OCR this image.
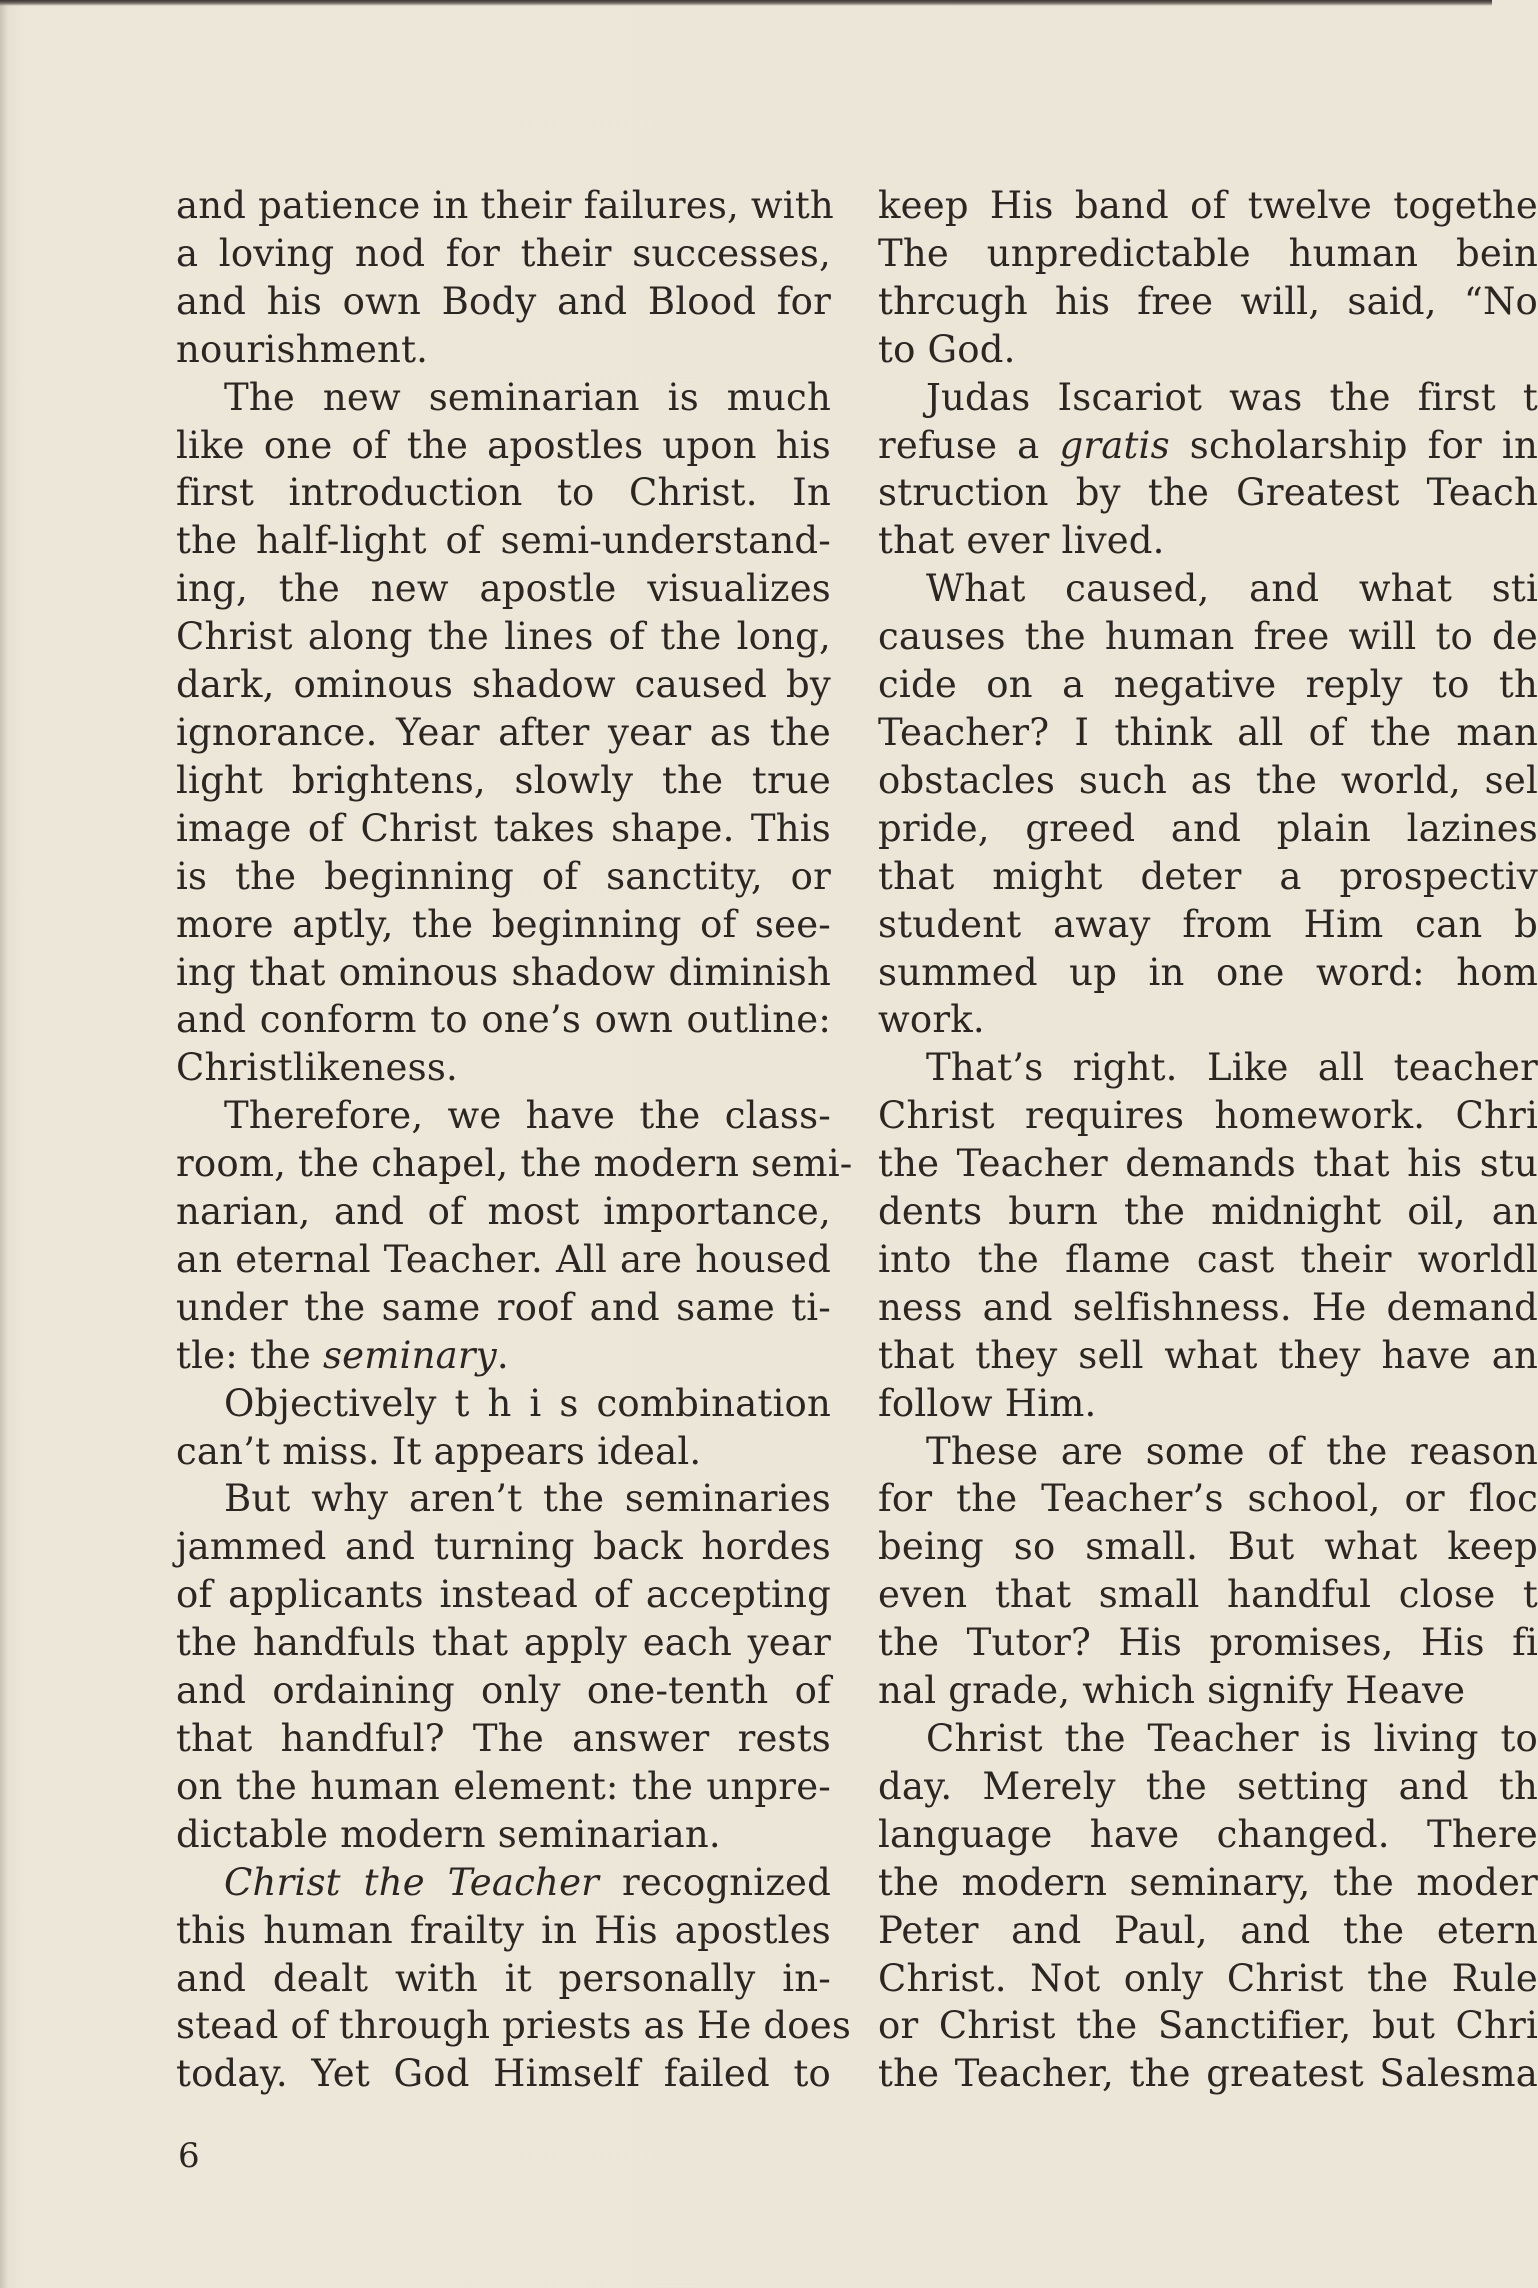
and patience in their failures, with
a loving nod for their successes,
and his own Body and Blood for
nourishment.
The new seminarian is much
like one of the apostles upon his
first introduction to Christ. In
the half-light of semi-understand-
ing, the new apostle visualizes
Christ along the lines of the long,
dark, ominous shadow caused by
ignorance. Year after year as the
light brightens, slowly the true
image of Christ takes shape. This
is the beginning of sanctity, or
more aptly, the beginning of see-
ing that ominous shadow diminish
and conform to one’s own outline:
Christlikeness.
Therefore, we have the class-
room, the chapel, the modern semi-
narian, and of most importance,
an eternal Teacher. All are housed
under the same roof and same ti-
tle: the seminary.
Objectively t h i s combination
can’t miss. It appears ideal.
But why aren’t the seminaries
jammed and turning back hordes
of applicants instead of accepting
the handfuls that apply each year
and ordaining only one-tenth of
that handful? The answer rests
on the human element: the unpre-
dictable modern seminarian.
Christ the Teacher recognized
this human frailty in His apostles
and dealt with it personally in-
stead of through priests as He does
today. Yet God Himself failed to
keep His band of twelve togethe
The unpredictable human bein
thrcugh his free will, said, “No
to God.
Judas Iscariot was the first t
refuse a gratis scholarship for in
struction by the Greatest Teach
that ever lived.
What caused, and what sti
causes the human free will to de
cide on a negative reply to th
Teacher? I think all of the man
obstacles such as the world, sel
pride, greed and plain lazines
that might deter a prospectiv
student away from Him can b
summed up in one word: hom
work.
That’s right. Like all teacher
Christ requires homework. Chri
the Teacher demands that his stu
dents burn the midnight oil, an
into the flame cast their worldl
ness and selfishness. He demand
that they sell what they have an
follow Him.
These are some of the reason
for the Teacher’s school, or floc
being so small. But what keep
even that small handful close t
the Tutor? His promises, His fi
nal grade, which signify Heave
Christ the Teacher is living to
day. Merely the setting and th
language have changed. There
the modern seminary, the moder
Peter and Paul, and the etern
Christ. Not only Christ the Rule
or Christ the Sanctifier, but Chri
the Teacher, the greatest Salesma
6
